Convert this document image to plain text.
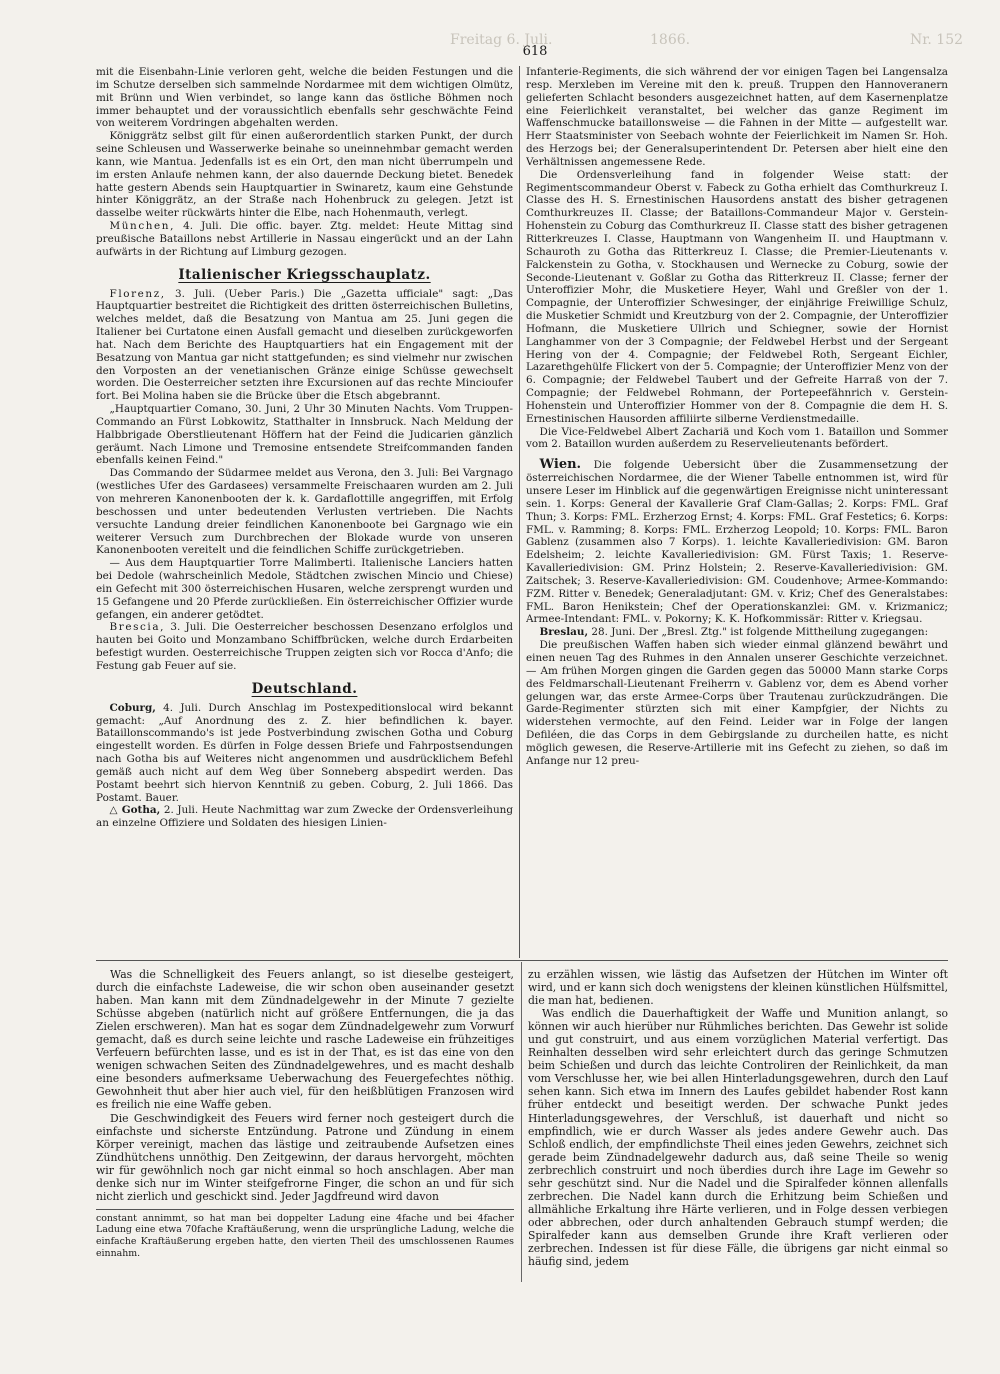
Freitag 6. Juli.	1866.	Nr. 152
618

mit die Eisenbahn-Linie verloren geht, welche die beiden Festungen und die im Schutze derselben sich sammelnde Nordarmee mit dem wichtigen Olmütz, mit Brünn und Wien verbindet, so lange kann das östliche Böhmen noch immer behauptet und der voraussichtlich ebenfalls sehr geschwächte Feind von weiterem Vordringen abgehalten werden.

Königgrätz selbst gilt für einen außerordentlich starken Punkt, der durch seine Schleusen und Wasserwerke beinahe so uneinnehmbar gemacht werden kann, wie Mantua. Jedenfalls ist es ein Ort, den man nicht überrumpeln und im ersten Anlaufe nehmen kann, der also dauernde Deckung bietet. Benedek hatte gestern Abends sein Hauptquartier in Swinaretz, kaum eine Gehstunde hinter Königgrätz, an der Straße nach Hohenbruck zu gelegen. Jetzt ist dasselbe weiter rückwärts hinter die Elbe, nach Hohenmauth, verlegt.

München, 4. Juli. Die offic. bayer. Ztg. meldet: Heute Mittag sind preußische Bataillons nebst Artillerie in Nassau eingerückt und an der Lahn aufwärts in der Richtung auf Limburg gezogen.

Italienischer Kriegsschauplatz.

Florenz, 3. Juli. (Ueber Paris.) Die „Gazetta ufficiale" sagt: „Das Hauptquartier bestreitet die Richtigkeit des dritten österreichischen Bulletins, welches meldet, daß die Besatzung von Mantua am 25. Juni gegen die Italiener bei Curtatone einen Ausfall gemacht und dieselben zurückgeworfen hat. Nach dem Berichte des Hauptquartiers hat ein Engagement mit der Besatzung von Mantua gar nicht stattgefunden; es sind vielmehr nur zwischen den Vorposten an der venetianischen Gränze einige Schüsse gewechselt worden. Die Oesterreicher setzten ihre Excursionen auf das rechte Mincioufer fort. Bei Molina haben sie die Brücke über die Etsch abgebrannt.

„Hauptquartier Comano, 30. Juni, 2 Uhr 30 Minuten Nachts. Vom Truppen-Commando an Fürst Lobkowitz, Statthalter in Innsbruck. Nach Meldung der Halbbrigade Oberstlieutenant Höffern hat der Feind die Judicarien gänzlich geräumt. Nach Limone und Tremosine entsendete Streifcommanden fanden ebenfalls keinen Feind."

Das Commando der Südarmee meldet aus Verona, den 3. Juli: Bei Vargnago (westliches Ufer des Gardasees) versammelte Freischaaren wurden am 2. Juli von mehreren Kanonenbooten der k. k. Gardaflottille angegriffen, mit Erfolg beschossen und unter bedeutenden Verlusten vertrieben. Die Nachts versuchte Landung dreier feindlichen Kanonenboote bei Gargnago wie ein weiterer Versuch zum Durchbrechen der Blokade wurde von unseren Kanonenbooten vereitelt und die feindlichen Schiffe zurückgetrieben.

— Aus dem Hauptquartier Torre Malimberti. Italienische Lanciers hatten bei Dedole (wahrscheinlich Medole, Städtchen zwischen Mincio und Chiese) ein Gefecht mit 300 österreichischen Husaren, welche zersprengt wurden und 15 Gefangene und 20 Pferde zurückließen. Ein österreichischer Offizier wurde gefangen, ein anderer getödtet.

Brescia, 3. Juli. Die Oesterreicher beschossen Desenzano erfolglos und hauten bei Goito und Monzambano Schiffbrücken, welche durch Erdarbeiten befestigt wurden. Oesterreichische Truppen zeigten sich vor Rocca d'Anfo; die Festung gab Feuer auf sie.

Deutschland.

Coburg, 4. Juli. Durch Anschlag im Postexpeditionslocal wird bekannt gemacht: „Auf Anordnung des z. Z. hier befindlichen k. bayer. Bataillonscommando's ist jede Postverbindung zwischen Gotha und Coburg eingestellt worden. Es dürfen in Folge dessen Briefe und Fahrpostsendungen nach Gotha bis auf Weiteres nicht angenommen und ausdrücklichem Befehl gemäß auch nicht auf dem Weg über Sonneberg abspedirt werden. Das Postamt beehrt sich hiervon Kenntniß zu geben. Coburg, 2. Juli 1866. Das Postamt. Bauer.

△ Gotha, 2. Juli. Heute Nachmittag war zum Zwecke der Ordensverleihung an einzelne Offiziere und Soldaten des hiesigen Linien-

Infanterie-Regiments, die sich während der vor einigen Tagen bei Langensalza resp. Merxleben im Vereine mit den k. preuß. Truppen den Hannoveranern gelieferten Schlacht besonders ausgezeichnet hatten, auf dem Kasernenplatze eine Feierlichkeit veranstaltet, bei welcher das ganze Regiment im Waffenschmucke bataillonsweise — die Fahnen in der Mitte — aufgestellt war. Herr Staatsminister von Seebach wohnte der Feierlichkeit im Namen Sr. Hoh. des Herzogs bei; der Generalsuperintendent Dr. Petersen aber hielt eine den Verhältnissen angemessene Rede.

Die Ordensverleihung fand in folgender Weise statt: der Regimentscommandeur Oberst v. Fabeck zu Gotha erhielt das Comthurkreuz I. Classe des H. S. Ernestinischen Hausordens anstatt des bisher getragenen Comthurkreuzes II. Classe; der Bataillons-Commandeur Major v. Gerstein-Hohenstein zu Coburg das Comthurkreuz II. Classe statt des bisher getragenen Ritterkreuzes I. Classe, Hauptmann von Wangenheim II. und Hauptmann v. Schauroth zu Gotha das Ritterkreuz I. Classe; die Premier-Lieutenants v. Falckenstein zu Gotha, v. Stockhausen und Wernecke zu Coburg, sowie der Seconde-Lieutenant v. Goßlar zu Gotha das Ritterkreuz II. Classe; ferner der Unteroffizier Mohr, die Musketiere Heyer, Wahl und Greßler von der 1. Compagnie, der Unteroffizier Schwesinger, der einjährige Freiwillige Schulz, die Musketier Schmidt und Kreutzburg von der 2. Compagnie, der Unteroffizier Hofmann, die Musketiere Ullrich und Schiegner, sowie der Hornist Langhammer von der 3 Compagnie; der Feldwebel Herbst und der Sergeant Hering von der 4. Compagnie; der Feldwebel Roth, Sergeant Eichler, Lazarethgehülfe Flickert von der 5. Compagnie; der Unteroffizier Menz von der 6. Compagnie; der Feldwebel Taubert und der Gefreite Harraß von der 7. Compagnie; der Feldwebel Rohmann, der Portepeefähnrich v. Gerstein-Hohenstein und Unteroffizier Hommer von der 8. Compagnie die dem H. S. Ernestinischen Hausorden affiliirte silberne Verdienstmedaille.

Die Vice-Feldwebel Albert Zachariä und Koch vom 1. Bataillon und Sommer vom 2. Bataillon wurden außerdem zu Reservelieutenants befördert.

Wien. Die folgende Uebersicht über die Zusammensetzung der österreichischen Nordarmee, die der Wiener Tabelle entnommen ist, wird für unsere Leser im Hinblick auf die gegenwärtigen Ereignisse nicht uninteressant sein. 1. Korps: General der Kavallerie Graf Clam-Gallas; 2. Korps: FML. Graf Thun; 3. Korps: FML. Erzherzog Ernst; 4. Korps: FML. Graf Festetics; 6. Korps: FML. v. Ramming; 8. Korps: FML. Erzherzog Leopold; 10. Korps: FML. Baron Gablenz (zusammen also 7 Korps). 1. leichte Kavalleriedivision: GM. Baron Edelsheim; 2. leichte Kavalleriedivision: GM. Fürst Taxis; 1. Reserve-Kavalleriedivision: GM. Prinz Holstein; 2. Reserve-Kavalleriedivision: GM. Zaitschek; 3. Reserve-Kavalleriedivision: GM. Coudenhove; Armee-Kommando: FZM. Ritter v. Benedek; Generaladjutant: GM. v. Kriz; Chef des Generalstabes: FML. Baron Henikstein; Chef der Operationskanzlei: GM. v. Krizmanicz; Armee-Intendant: FML. v. Pokorny; K. K. Hofkommissär: Ritter v. Kriegsau.

Breslau, 28. Juni. Der „Bresl. Ztg." ist folgende Mittheilung zugegangen:

Die preußischen Waffen haben sich wieder einmal glänzend bewährt und einen neuen Tag des Ruhmes in den Annalen unserer Geschichte verzeichnet. — Am frühen Morgen gingen die Garden gegen das 50000 Mann starke Corps des Feldmarschall-Lieutenant Freiherrn v. Gablenz vor, dem es Abend vorher gelungen war, das erste Armee-Corps über Trautenau zurückzudrängen. Die Garde-Regimenter stürzten sich mit einer Kampfgier, der Nichts zu widerstehen vermochte, auf den Feind. Leider war in Folge der langen Defiléen, die das Corps in dem Gebirgslande zu durcheilen hatte, es nicht möglich gewesen, die Reserve-Artillerie mit ins Gefecht zu ziehen, so daß im Anfange nur 12 preu-

Was die Schnelligkeit des Feuers anlangt, so ist dieselbe gesteigert, durch die einfachste Ladeweise, die wir schon oben auseinander gesetzt haben. Man kann mit dem Zündnadelgewehr in der Minute 7 gezielte Schüsse abgeben (natürlich nicht auf größere Entfernungen, die ja das Zielen erschweren). Man hat es sogar dem Zündnadelgewehr zum Vorwurf gemacht, daß es durch seine leichte und rasche Ladeweise ein frühzeitiges Verfeuern befürchten lasse, und es ist in der That, es ist das eine von den wenigen schwachen Seiten des Zündnadelgewehres, und es macht deshalb eine besonders aufmerksame Ueberwachung des Feuergefechtes nöthig. Gewohnheit thut aber hier auch viel, für den heißblütigen Franzosen wird es freilich nie eine Waffe geben.

Die Geschwindigkeit des Feuers wird ferner noch gesteigert durch die einfachste und sicherste Entzündung. Patrone und Zündung in einem Körper vereinigt, machen das lästige und zeitraubende Aufsetzen eines Zündhütchens unnöthig. Den Zeitgewinn, der daraus hervorgeht, möchten wir für gewöhnlich noch gar nicht einmal so hoch anschlagen. Aber man denke sich nur im Winter steifgefrorne Finger, die schon an und für sich nicht zierlich und geschickt sind. Jeder Jagdfreund wird davon

constant annimmt, so hat man bei doppelter Ladung eine 4fache und bei 4facher Ladung eine etwa 70fache Kraftäußerung, wenn die ursprüngliche Ladung, welche die einfache Kraftäußerung ergeben hatte, den vierten Theil des umschlossenen Raumes einnahm.

zu erzählen wissen, wie lästig das Aufsetzen der Hütchen im Winter oft wird, und er kann sich doch wenigstens der kleinen künstlichen Hülfsmittel, die man hat, bedienen.

Was endlich die Dauerhaftigkeit der Waffe und Munition anlangt, so können wir auch hierüber nur Rühmliches berichten. Das Gewehr ist solide und gut construirt, und aus einem vorzüglichen Material verfertigt. Das Reinhalten desselben wird sehr erleichtert durch das geringe Schmutzen beim Schießen und durch das leichte Controliren der Reinlichkeit, da man vom Verschlusse her, wie bei allen Hinterladungsgewehren, durch den Lauf sehen kann. Sich etwa im Innern des Laufes gebildet habender Rost kann früher entdeckt und beseitigt werden. Der schwache Punkt jedes Hinterladungsgewehres, der Verschluß, ist dauerhaft und nicht so empfindlich, wie er durch Wasser als jedes andere Gewehr auch. Das Schloß endlich, der empfindlichste Theil eines jeden Gewehrs, zeichnet sich gerade beim Zündnadelgewehr dadurch aus, daß seine Theile so wenig zerbrechlich construirt und noch überdies durch ihre Lage im Gewehr so sehr geschützt sind. Nur die Nadel und die Spiralfeder können allenfalls zerbrechen. Die Nadel kann durch die Erhitzung beim Schießen und allmähliche Erkaltung ihre Härte verlieren, und in Folge dessen verbiegen oder abbrechen, oder durch anhaltenden Gebrauch stumpf werden; die Spiralfeder kann aus demselben Grunde ihre Kraft verlieren oder zerbrechen. Indessen ist für diese Fälle, die übrigens gar nicht einmal so häufig sind, jedem
